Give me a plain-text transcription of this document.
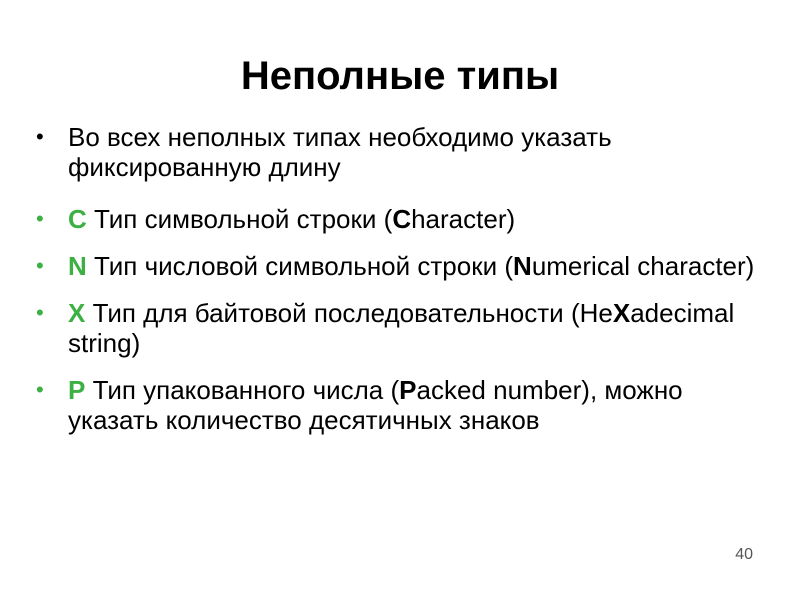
Неполные типы
• Во всех неполных типах необходимо указать фиксированную длину
• C Тип символьной строки (Character)
• N Тип числовой символьной строки (Numerical character)
• X Тип для байтовой последовательности (HeXadecimal string)
• P Тип упакованного числа (Packed number), можно указать количество десятичных знаков
40
